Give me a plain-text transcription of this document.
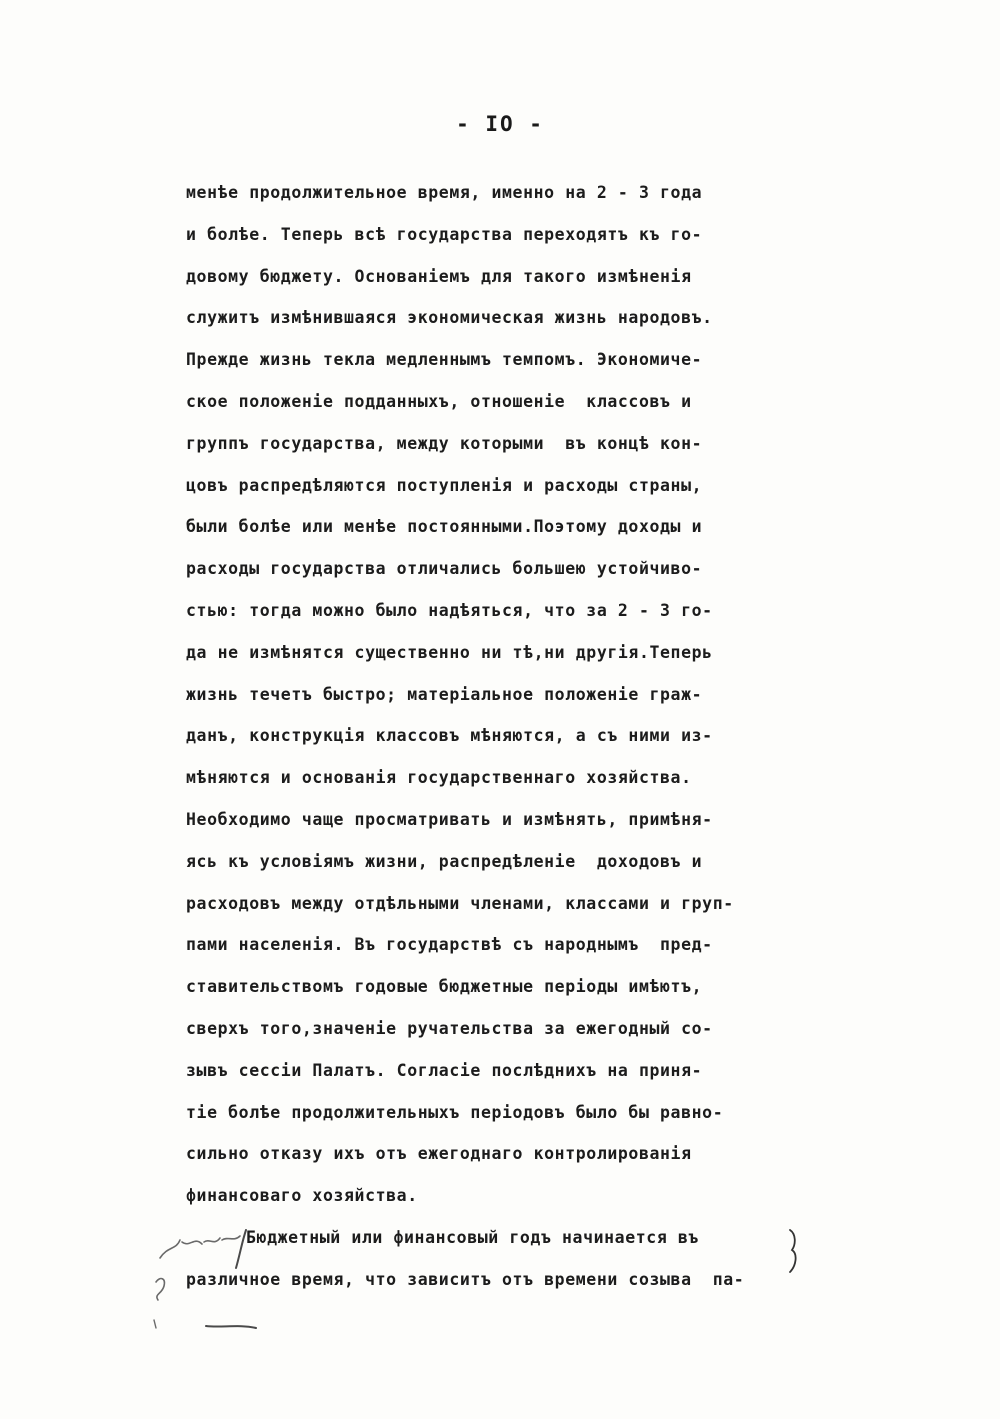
- IO -
менѣе продолжительное время, именно на 2 - 3 года
и болѣе. Теперь всѣ государства переходятъ къ го-
довому бюджету. Основанiемъ для такого измѣненiя
служитъ измѣнившаяся экономическая жизнь народовъ.
Прежде жизнь текла медленнымъ темпомъ. Экономиче-
ское положенiе подданныхъ, отношенiе  классовъ и
группъ государства, между которыми  въ концѣ кон-
цовъ распредѣляются поступленiя и расходы страны,
были болѣе или менѣе постоянными.Поэтому доходы и
расходы государства отличались большею устойчиво-
стью: тогда можно было надѣяться, что за 2 - 3 го-
да не измѣнятся существенно ни тѣ,ни другiя.Теперь
жизнь течетъ быстро; матерiальное положенiе граж-
данъ, конструкцiя классовъ мѣняются, а съ ними из-
мѣняются и основанiя государственнаго хозяйства.
Необходимо чаще просматривать и измѣнять, примѣня-
ясь къ условiямъ жизни, распредѣленiе  доходовъ и
расходовъ между отдѣльными членами, классами и груп-
пами населенiя. Въ государствѣ съ народнымъ  пред-
ставительствомъ годовые бюджетные перiоды имѣютъ,
сверхъ того,значенiе ручательства за ежегодный со-
зывъ сессiи Палатъ. Согласiе послѣднихъ на приня-
тiе болѣе продолжительныхъ перiодовъ было бы равно-
сильно отказу ихъ отъ ежегоднаго контролированiя
финансоваго хозяйства.
Бюджетный или финансовый годъ начинается въ
различное время, что зависитъ отъ времени созыва  па-
